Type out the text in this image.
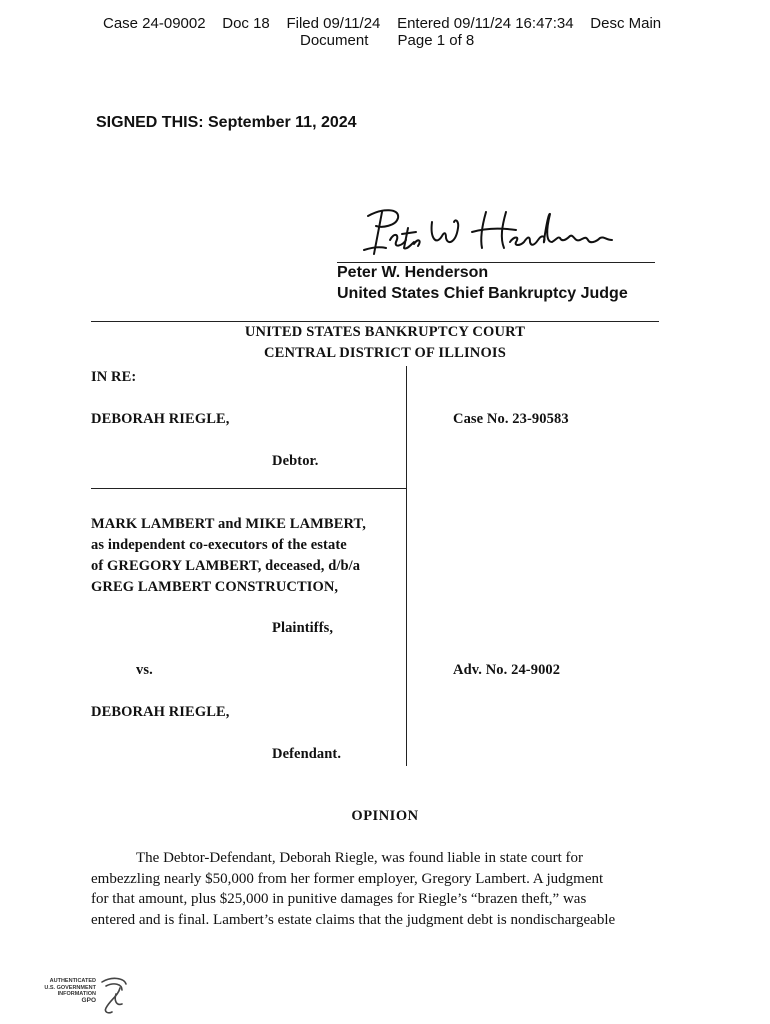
Case 24-09002    Doc 18    Filed 09/11/24    Entered 09/11/24 16:47:34    Desc Main
Document       Page 1 of 8
SIGNED THIS: September 11, 2024
Peter W. Henderson
United States Chief Bankruptcy Judge
UNITED STATES BANKRUPTCY COURT
CENTRAL DISTRICT OF ILLINOIS
IN RE:
DEBORAH RIEGLE,	Case No. 23-90583
Debtor.
MARK LAMBERT and MIKE LAMBERT,
as independent co-executors of the estate
of GREGORY LAMBERT, deceased, d/b/a
GREG LAMBERT CONSTRUCTION,
Plaintiffs,
vs.	Adv. No. 24-9002
DEBORAH RIEGLE,
Defendant.
OPINION
The Debtor-Defendant, Deborah Riegle, was found liable in state court for
embezzling nearly $50,000 from her former employer, Gregory Lambert. A judgment
for that amount, plus $25,000 in punitive damages for Riegle’s “brazen theft,” was
entered and is final. Lambert’s estate claims that the judgment debt is nondischargeable
AUTHENTICATED
U.S. GOVERNMENT
INFORMATION
GPO
